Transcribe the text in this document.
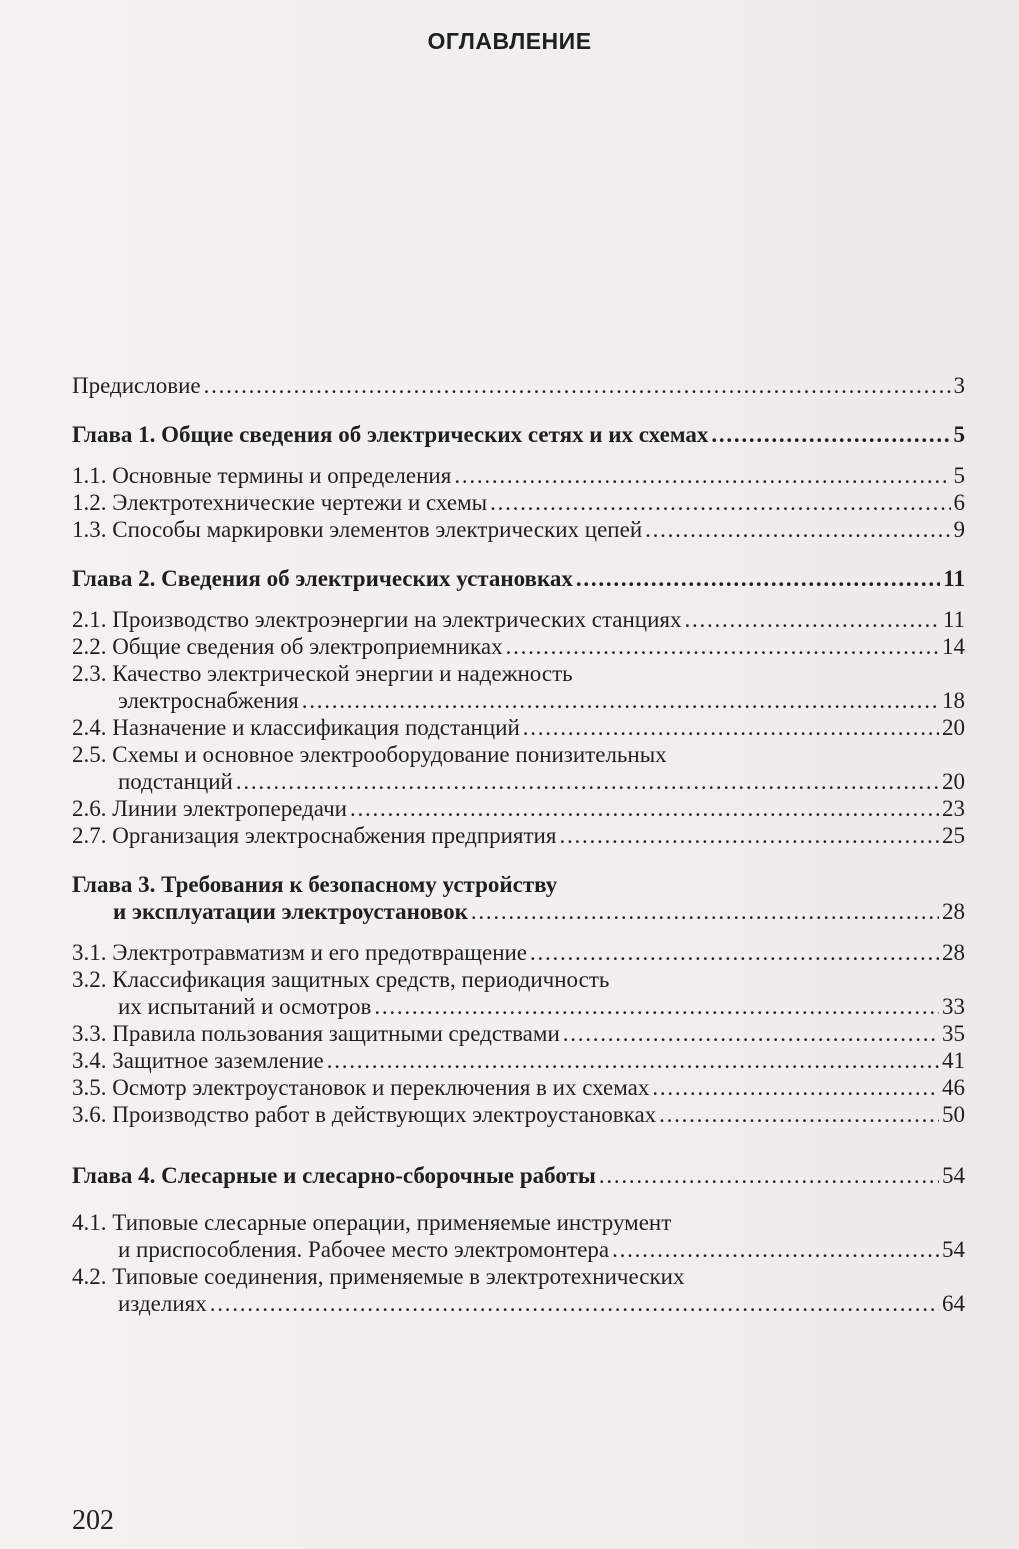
ОГЛАВЛЕНИЕ
Предисловие . . .	3
Глава 1. Общие сведения об электрических сетях и их схемах . . .	5
1.1. Основные термины и определения . . .	5
1.2. Электротехнические чертежи и схемы . . .	6
1.3. Способы маркировки элементов электрических цепей . . .	9
Глава 2. Сведения об электрических установках . . .	11
2.1. Производство электроэнергии на электрических станциях . . .	11
2.2. Общие сведения об электроприемниках . . .	14
2.3. Качество электрической энергии и надежность
электроснабжения . . .	18
2.4. Назначение и классификация подстанций . . .	20
2.5. Схемы и основное электрооборудование понизительных
подстанций . . .	20
2.6. Линии электропередачи . . .	23
2.7. Организация электроснабжения предприятия . . .	25
Глава 3. Требования к безопасному устройству
и эксплуатации электроустановок . . .	28
3.1. Электротравматизм и его предотвращение . . .	28
3.2. Классификация защитных средств, периодичность
их испытаний и осмотров . . .	33
3.3. Правила пользования защитными средствами . . .	35
3.4. Защитное заземление . . .	41
3.5. Осмотр электроустановок и переключения в их схемах . . .	46
3.6. Производство работ в действующих электроустановках . . .	50
Глава 4. Слесарные и слесарно-сборочные работы . . .	54
4.1. Типовые слесарные операции, применяемые инструмент
и приспособления. Рабочее место электромонтера . . .	54
4.2. Типовые соединения, применяемые в электротехнических
изделиях . . .	64
202
